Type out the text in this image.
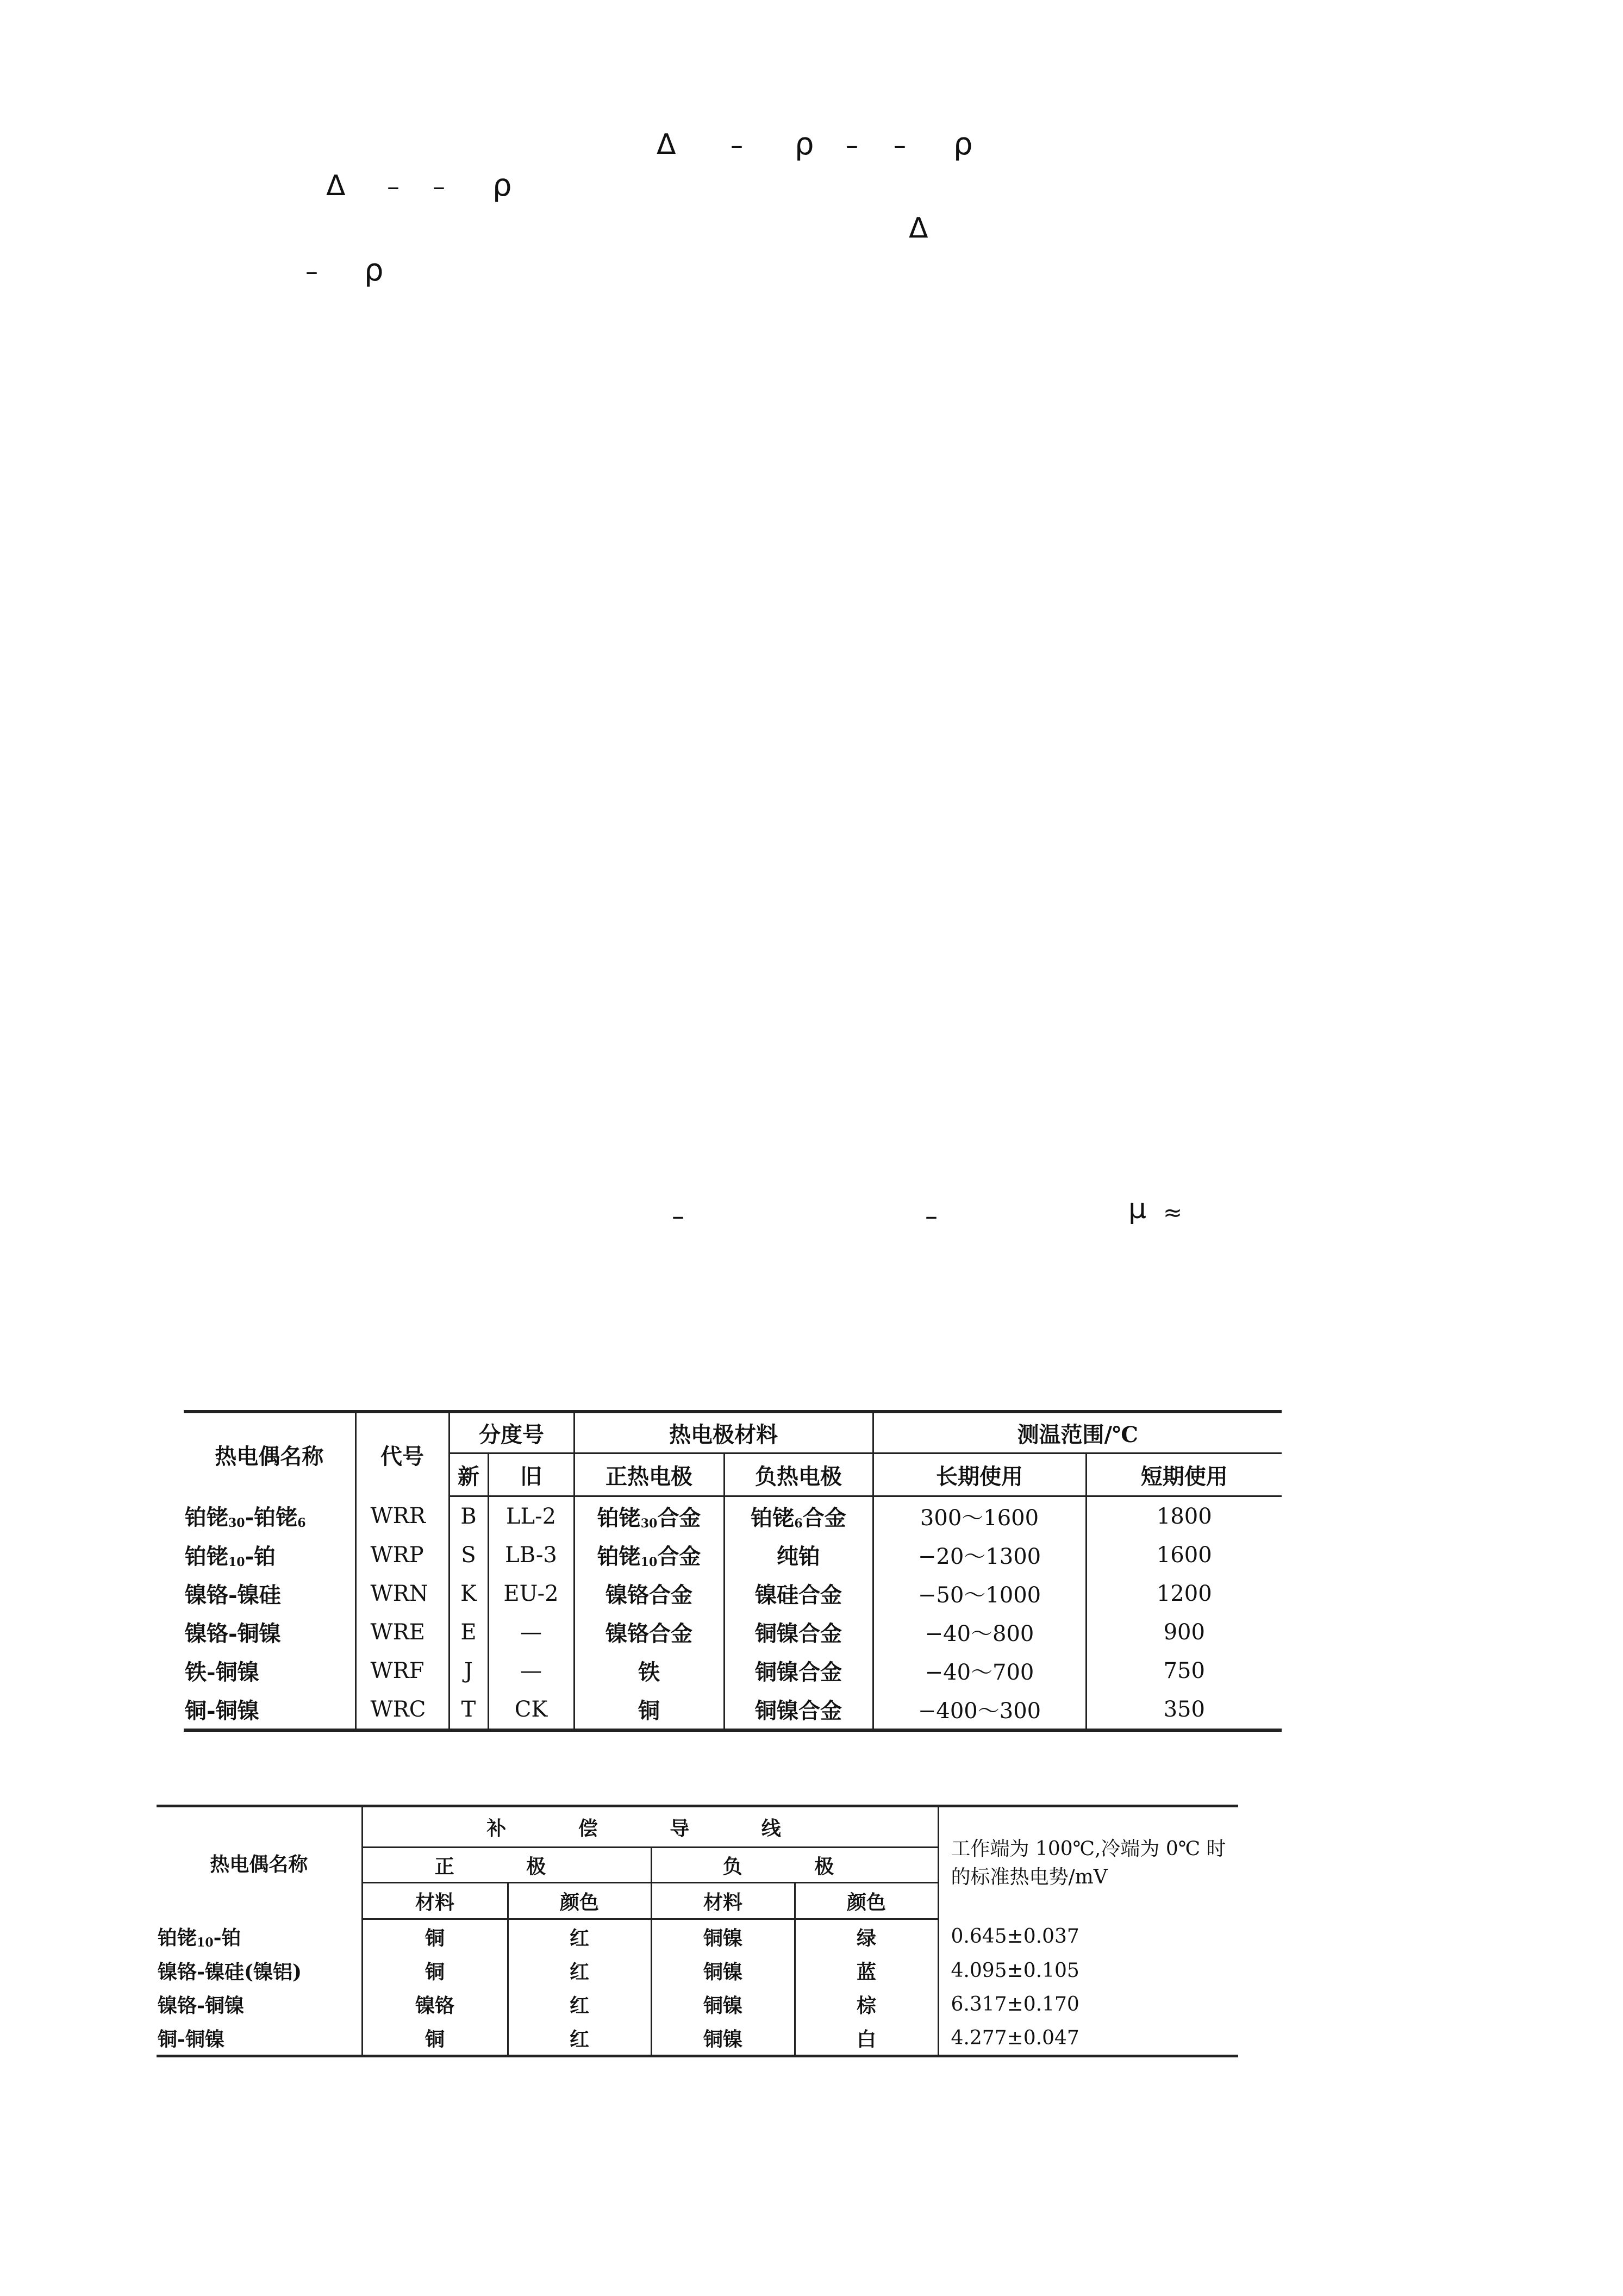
Δ – ρ – – ρ
Δ – – ρ
Δ
– ρ
–	–	μ ≈
热电偶名称	代号	分度号		热电极材料		测温范围/℃	
		新	旧	正热电极	负热电极	长期使用	短期使用
铂铑$_{30}$-铂铑$_6$	WRR	B	LL-2	铂铑$_{30}$合金	铂铑$_6$合金	300～1600	1800
铂铑$_{10}$-铂	WRP	S	LB-3	铂铑$_{10}$合金	纯铂	−20～1300	1600
镍铬-镍硅	WRN	K	EU-2	镍铬合金	镍硅合金	−50～1000	1200
镍铬-铜镍	WRE	E	—	镍铬合金	铜镍合金	−40～800	900
铁-铜镍	WRF	J	—	铁	铜镍合金	−40～700	750
铜-铜镍	WRC	T	CK	铜	铜镍合金	−400～300	350
热电偶名称	补 偿 导 线				工作端为 100℃,冷端为 0℃ 时的标准热电势/mV
	正 极		负 极		
	材料	颜色	材料	颜色	
铂铑$_{10}$-铂	铜	红	铜镍	绿	0.645±0.037
镍铬-镍硅(镍铝)	铜	红	铜镍	蓝	4.095±0.105
镍铬-铜镍	镍铬	红	铜镍	棕	6.317±0.170
铜-铜镍	铜	红	铜镍	白	4.277±0.047
